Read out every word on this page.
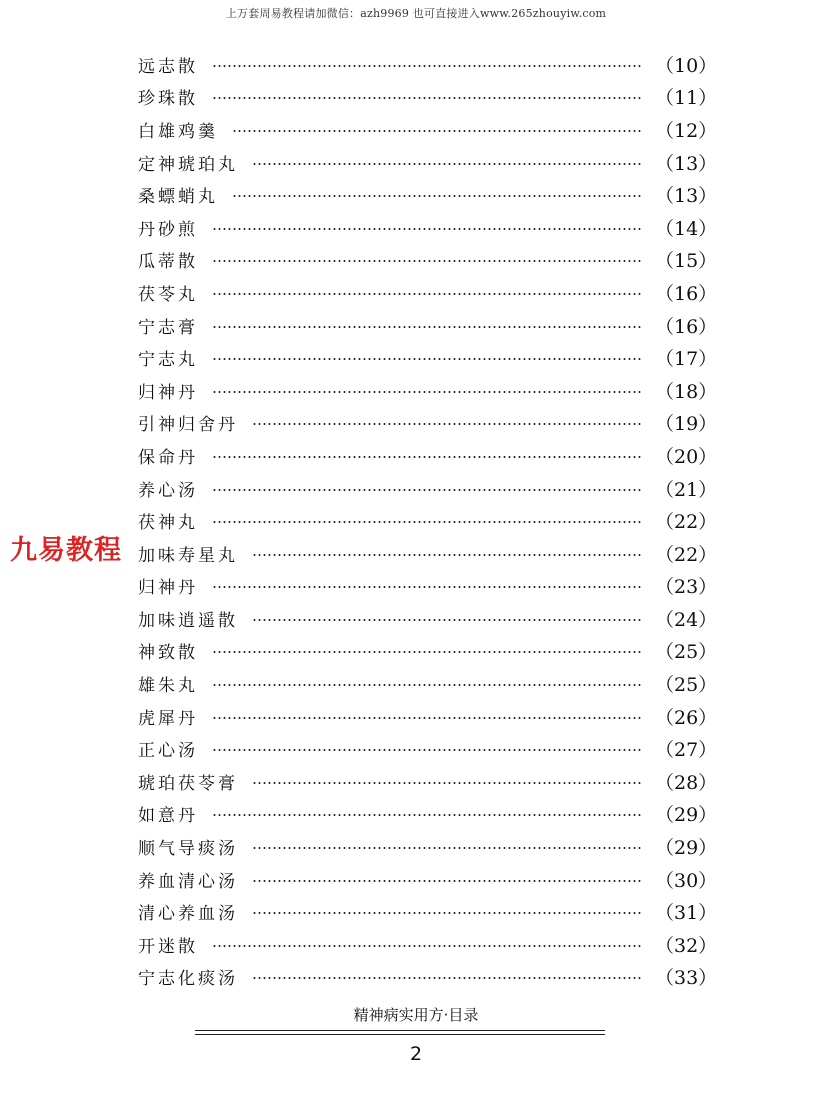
上万套周易教程请加微信：azh9969 也可直接进入www.265zhouyiw.com
远志散	（10）
珍珠散	（11）
白雄鸡羹	（12）
定神琥珀丸	（13）
桑螵蛸丸	（13）
丹砂煎	（14）
瓜蒂散	（15）
茯苓丸	（16）
宁志膏	（16）
宁志丸	（17）
归神丹	（18）
引神归舍丹	（19）
保命丹	（20）
养心汤	（21）
茯神丸	（22）
加味寿星丸	（22）
归神丹	（23）
加味逍遥散	（24）
神致散	（25）
雄朱丸	（25）
虎犀丹	（26）
正心汤	（27）
琥珀茯苓膏	（28）
如意丹	（29）
顺气导痰汤	（29）
养血清心汤	（30）
清心养血汤	（31）
开迷散	（32）
宁志化痰汤	（33）
九易教程
精神病实用方·目录
2
